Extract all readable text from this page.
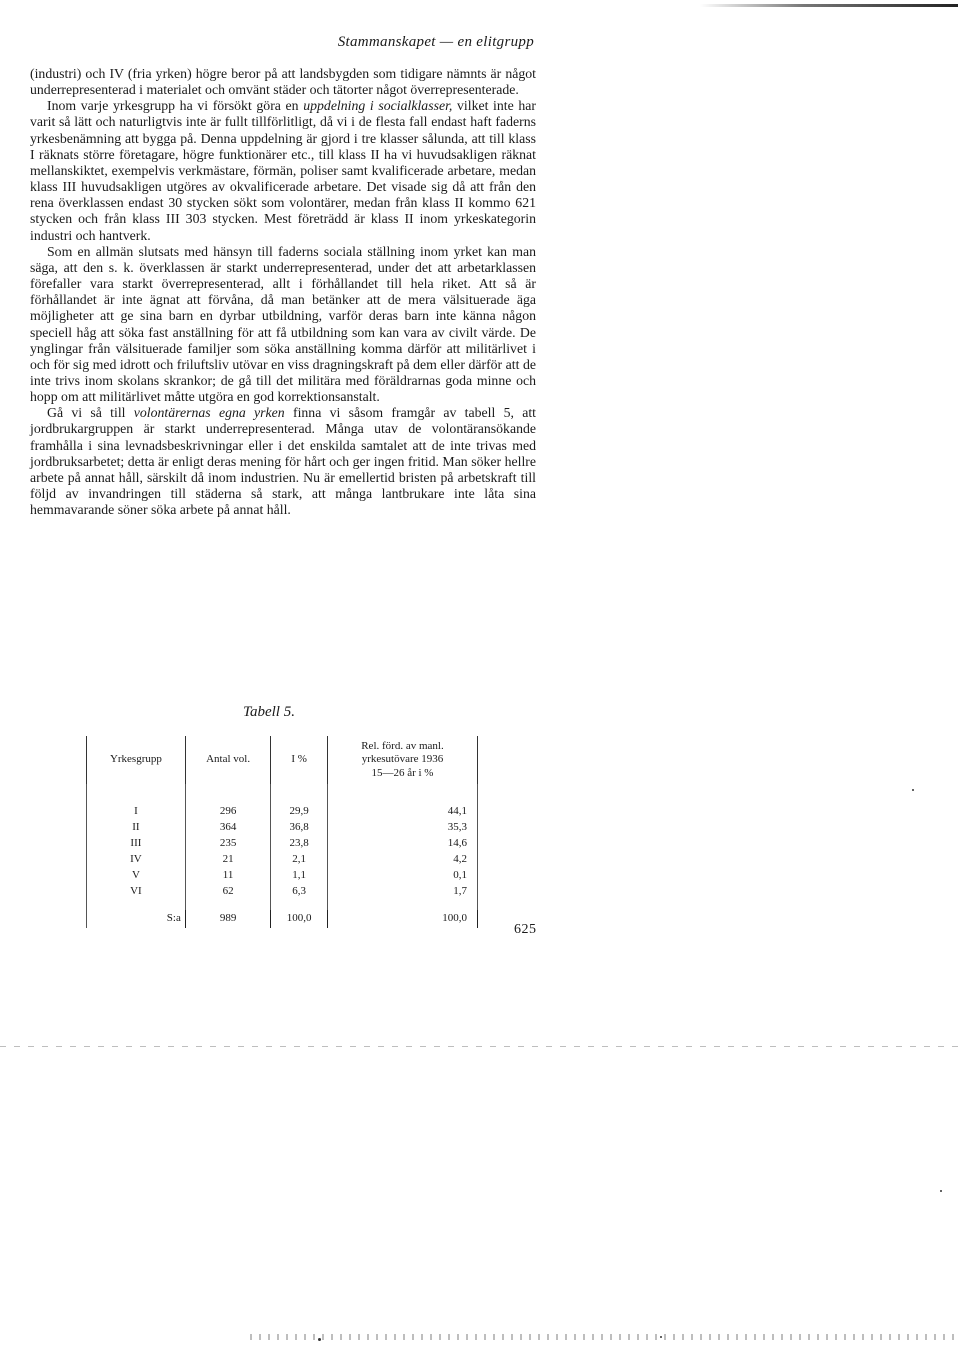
Stammanskapet — en elitgrupp

(industri) och IV (fria yrken) högre beror på att landsbygden som tidigare nämnts är något underrepresenterad i materialet och omvänt städer och tätorter något överrepresenterade.

Inom varje yrkesgrupp ha vi försökt göra en uppdelning i socialklasser, vilket inte har varit så lätt och naturligtvis inte är fullt tillförlitligt, då vi i de flesta fall endast haft faderns yrkesbenämning att bygga på. Denna uppdelning är gjord i tre klasser sålunda, att till klass I räknats större företagare, högre funktionärer etc., till klass II ha vi huvudsakligen räknat mellanskiktet, exempelvis verkmästare, förmän, poliser samt kvalificerade arbetare, medan klass III huvudsakligen utgöres av okvalificerade arbetare. Det visade sig då att från den rena överklassen endast 30 stycken sökt som volontärer, medan från klass II kommo 621 stycken och från klass III 303 stycken. Mest företrädd är klass II inom yrkeskategorin industri och hantverk.

Som en allmän slutsats med hänsyn till faderns sociala ställning inom yrket kan man säga, att den s. k. överklassen är starkt underrepresenterad, under det att arbetarklassen förefaller vara starkt överrepresenterad, allt i förhållandet till hela riket. Att så är förhållandet är inte ägnat att förvåna, då man betänker att de mera välsituerade äga möjligheter att ge sina barn en dyrbar utbildning, varför deras barn inte känna någon speciell håg att söka fast anställning för att få utbildning som kan vara av civilt värde. De ynglingar från välsituerade familjer som söka anställning komma därför att militärlivet i och för sig med idrott och friluftsliv utövar en viss dragningskraft på dem eller därför att de inte trivs inom skolans skrankor; de gå till det militära med föräldrarnas goda minne och hopp om att militärlivet måtte utgöra en god korrektionsanstalt.

Gå vi så till volontärernas egna yrken finna vi såsom framgår av tabell 5, att jordbrukargruppen är starkt underrepresenterad. Många utav de volontäransökande framhålla i sina levnadsbeskrivningar eller i det enskilda samtalet att de inte trivas med jordbruksarbetet; detta är enligt deras mening för hårt och ger ingen fritid. Man söker hellre arbete på annat håll, särskilt då inom industrien. Nu är emellertid bristen på arbetskraft till följd av invandringen till städerna så stark, att många lantbrukare inte låta sina hemmavarande söner söka arbete på annat håll.

Tabell 5.
Yrkesgrupp	Antal vol.	I %	Rel. förd. av manl.
yrkesutövare 1936
15—26 år i %

I	296	29,9	44,1
II	364	36,8	35,3
III	235	23,8	14,6
IV	21	2,1	4,2
V	11	1,1	0,1
VI	62	6,3	1,7

S:a	989	100,0	100,0
625
